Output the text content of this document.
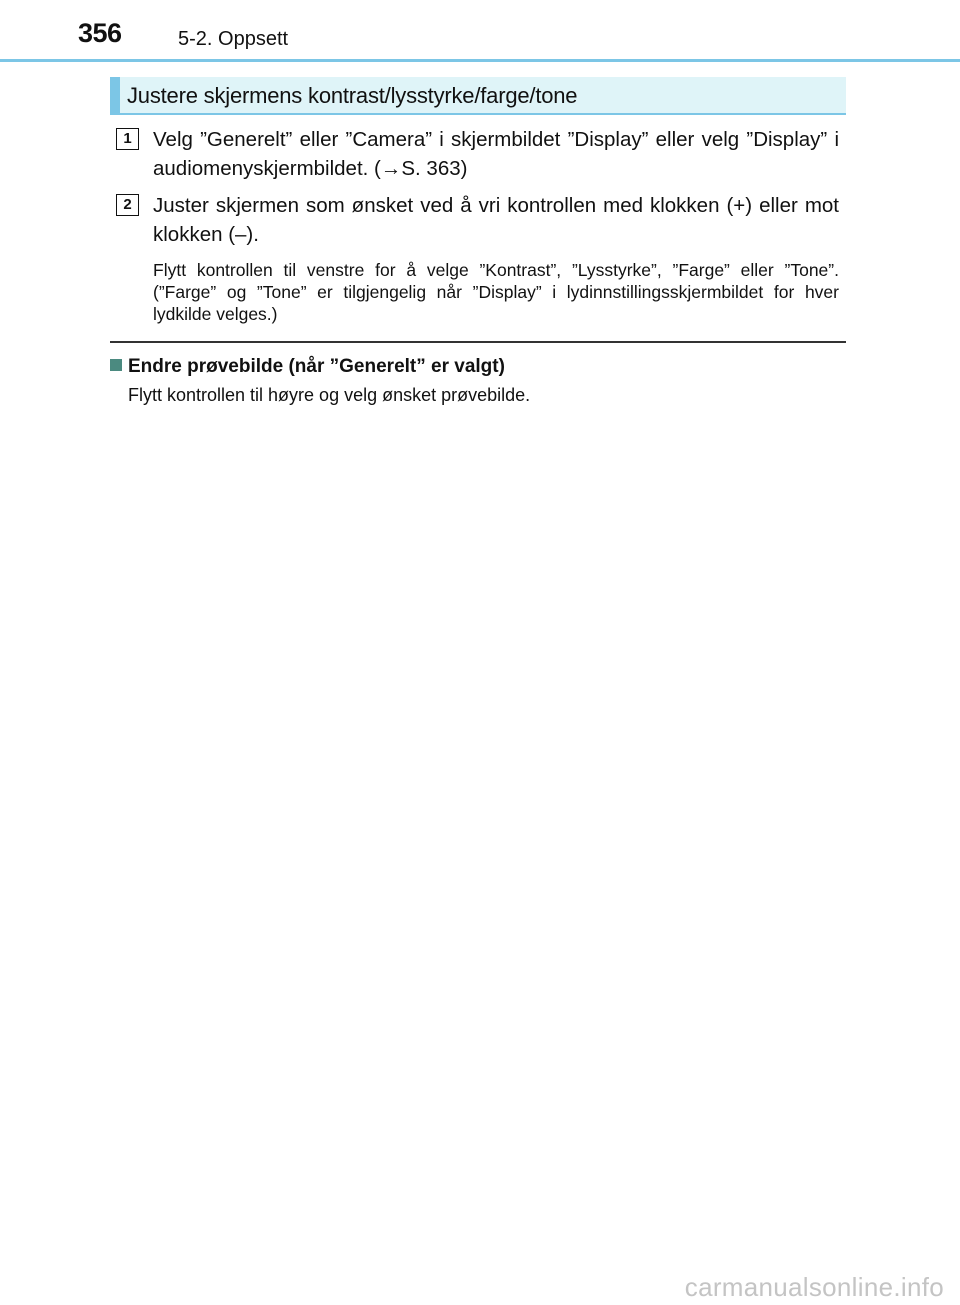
356	5-2. Oppsett
Justere skjermens kontrast/lysstyrke/farge/tone
1	Velg ”Generelt” eller ”Camera” i skjermbildet ”Display” eller velg ”Display” i audiomenyskjermbildet. (→S. 363)
2	Juster skjermen som ønsket ved å vri kontrollen med klokken (+) eller mot klokken (–).
Flytt kontrollen til venstre for å velge ”Kontrast”, ”Lysstyrke”, ”Farge” eller ”Tone”. (”Farge” og ”Tone” er tilgjengelig når ”Display” i lydinnstillingsskjermbildet for hver lydkilde velges.)
Endre prøvebilde (når ”Generelt” er valgt)
Flytt kontrollen til høyre og velg ønsket prøvebilde.
carmanualsonline.info
